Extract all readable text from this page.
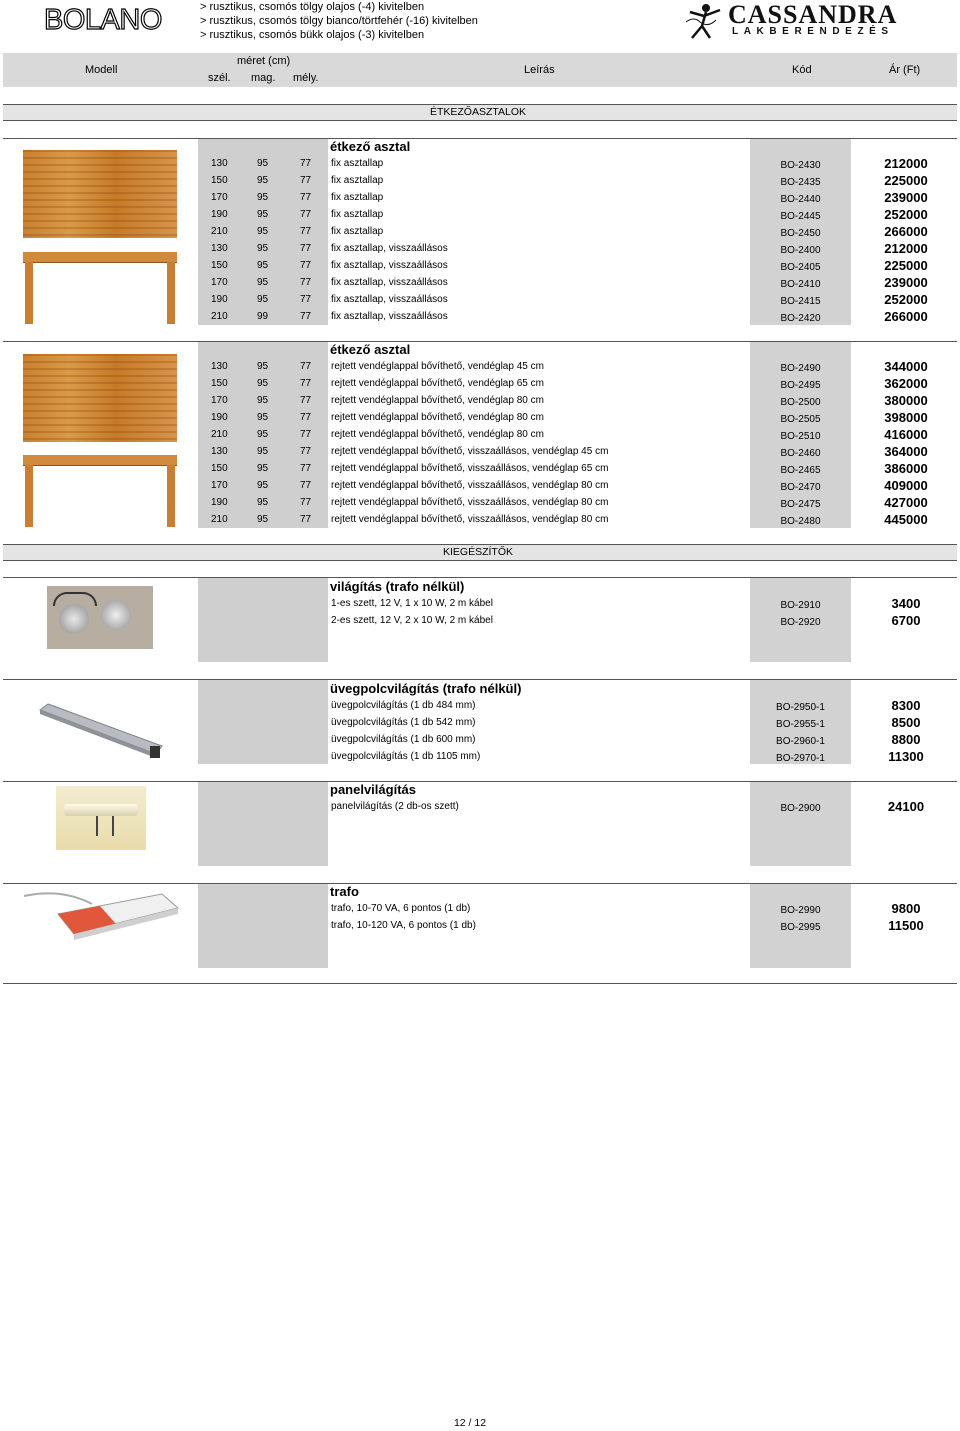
BOLANO	> rusztikus, csomós tölgy olajos (-4) kivitelben
> rusztikus, csomós tölgy bianco/törtfehér (-16) kivitelben
> rusztikus, csomós bükk olajos (-3) kivitelben
CASSANDRA
LAKBERENDEZÉS
Modell
méret (cm)
szél. mag. mély.
Leírás	Kód	Ár (Ft)
ÉTKEZŐASZTALOK
étkező asztal
130	95	77 fix asztallap	BO-2430	212000
150	95	77 fix asztallap	BO-2435	225000
170	95	77 fix asztallap	BO-2440	239000
190	95	77 fix asztallap	BO-2445	252000
210	95	77 fix asztallap	BO-2450	266000
130	95	77 fix asztallap, visszaállásos	BO-2400	212000
150	95	77 fix asztallap, visszaállásos	BO-2405	225000
170	95	77 fix asztallap, visszaállásos	BO-2410	239000
190	95	77 fix asztallap, visszaállásos	BO-2415	252000
210	99	77 fix asztallap, visszaállásos	BO-2420	266000
étkező asztal
130	95	77 rejtett vendéglappal bővíthető, vendéglap 45 cm	BO-2490	344000
150	95	77 rejtett vendéglappal bővíthető, vendéglap 65 cm	BO-2495	362000
170	95	77 rejtett vendéglappal bővíthető, vendéglap 80 cm	BO-2500	380000
190	95	77 rejtett vendéglappal bővíthető, vendéglap 80 cm	BO-2505	398000
210	95	77 rejtett vendéglappal bővíthető, vendéglap 80 cm	BO-2510	416000
130	95	77 rejtett vendéglappal bővíthető, visszaállásos, vendéglap 45 cm	BO-2460	364000
150	95	77 rejtett vendéglappal bővíthető, visszaállásos, vendéglap 65 cm	BO-2465	386000
170	95	77 rejtett vendéglappal bővíthető, visszaállásos, vendéglap 80 cm	BO-2470	409000
190	95	77 rejtett vendéglappal bővíthető, visszaállásos, vendéglap 80 cm	BO-2475	427000
210	95	77 rejtett vendéglappal bővíthető, visszaállásos, vendéglap 80 cm	BO-2480	445000
KIEGÉSZÍTŐK
világítás (trafo nélkül)
1-es szett, 12 V, 1 x 10 W, 2 m kábel	BO-2910	3400
2-es szett, 12 V, 2 x 10 W, 2 m kábel	BO-2920	6700
üvegpolcvilágítás (trafo nélkül)
üvegpolcvilágítás (1 db 484 mm)	BO-2950-1	8300
üvegpolcvilágítás (1 db 542 mm)	BO-2955-1	8500
üvegpolcvilágítás (1 db 600 mm)	BO-2960-1	8800
üvegpolcvilágítás (1 db 1105 mm)	BO-2970-1	11300
panelvilágítás
panelvilágítás (2 db-os szett)	BO-2900	24100
trafo
trafo, 10-70 VA, 6 pontos (1 db)	BO-2990	9800
trafo, 10-120 VA, 6 pontos (1 db)	BO-2995	11500
12 / 12
